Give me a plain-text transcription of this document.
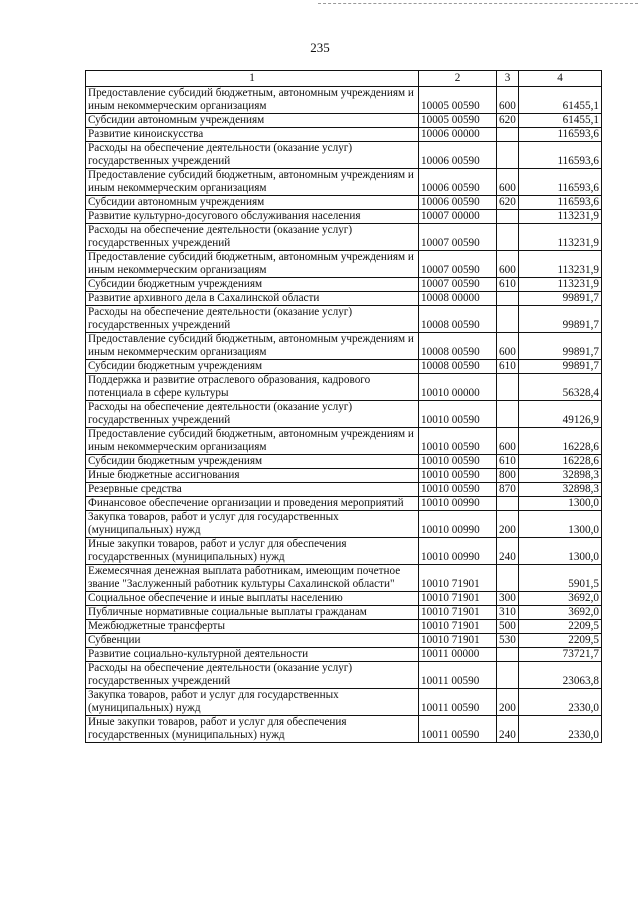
235
1	2	3	4
Предоставление субсидий бюджетным, автономным учреждениям и иным некоммерческим организациям	10005 00590	600	61455,1
Субсидии автономным учреждениям	10005 00590	620	61455,1
Развитие киноискусства	10006 00000		116593,6
Расходы на обеспечение деятельности (оказание услуг) государственных учреждений	10006 00590		116593,6
Предоставление субсидий бюджетным, автономным учреждениям и иным некоммерческим организациям	10006 00590	600	116593,6
Субсидии автономным учреждениям	10006 00590	620	116593,6
Развитие культурно-досугового обслуживания населения	10007 00000		113231,9
Расходы на обеспечение деятельности (оказание услуг) государственных учреждений	10007 00590		113231,9
Предоставление субсидий бюджетным, автономным учреждениям и иным некоммерческим организациям	10007 00590	600	113231,9
Субсидии бюджетным учреждениям	10007 00590	610	113231,9
Развитие архивного дела в Сахалинской области	10008 00000		99891,7
Расходы на обеспечение деятельности (оказание услуг) государственных учреждений	10008 00590		99891,7
Предоставление субсидий бюджетным, автономным учреждениям и иным некоммерческим организациям	10008 00590	600	99891,7
Субсидии бюджетным учреждениям	10008 00590	610	99891,7
Поддержка и развитие отраслевого образования, кадрового потенциала в сфере культуры	10010 00000		56328,4
Расходы на обеспечение деятельности (оказание услуг) государственных учреждений	10010 00590		49126,9
Предоставление субсидий бюджетным, автономным учреждениям и иным некоммерческим организациям	10010 00590	600	16228,6
Субсидии бюджетным учреждениям	10010 00590	610	16228,6
Иные бюджетные ассигнования	10010 00590	800	32898,3
Резервные средства	10010 00590	870	32898,3
Финансовое обеспечение организации и проведения мероприятий	10010 00990		1300,0
Закупка товаров, работ и услуг для государственных (муниципальных) нужд	10010 00990	200	1300,0
Иные закупки товаров, работ и услуг для обеспечения государственных (муниципальных) нужд	10010 00990	240	1300,0
Ежемесячная денежная выплата работникам, имеющим почетное звание "Заслуженный работник культуры Сахалинской области"	10010 71901		5901,5
Социальное обеспечение и иные выплаты населению	10010 71901	300	3692,0
Публичные нормативные социальные выплаты гражданам	10010 71901	310	3692,0
Межбюджетные трансферты	10010 71901	500	2209,5
Субвенции	10010 71901	530	2209,5
Развитие социально-культурной деятельности	10011 00000		73721,7
Расходы на обеспечение деятельности (оказание услуг) государственных учреждений	10011 00590		23063,8
Закупка товаров, работ и услуг для государственных (муниципальных) нужд	10011 00590	200	2330,0
Иные закупки товаров, работ и услуг для обеспечения государственных (муниципальных) нужд	10011 00590	240	2330,0
